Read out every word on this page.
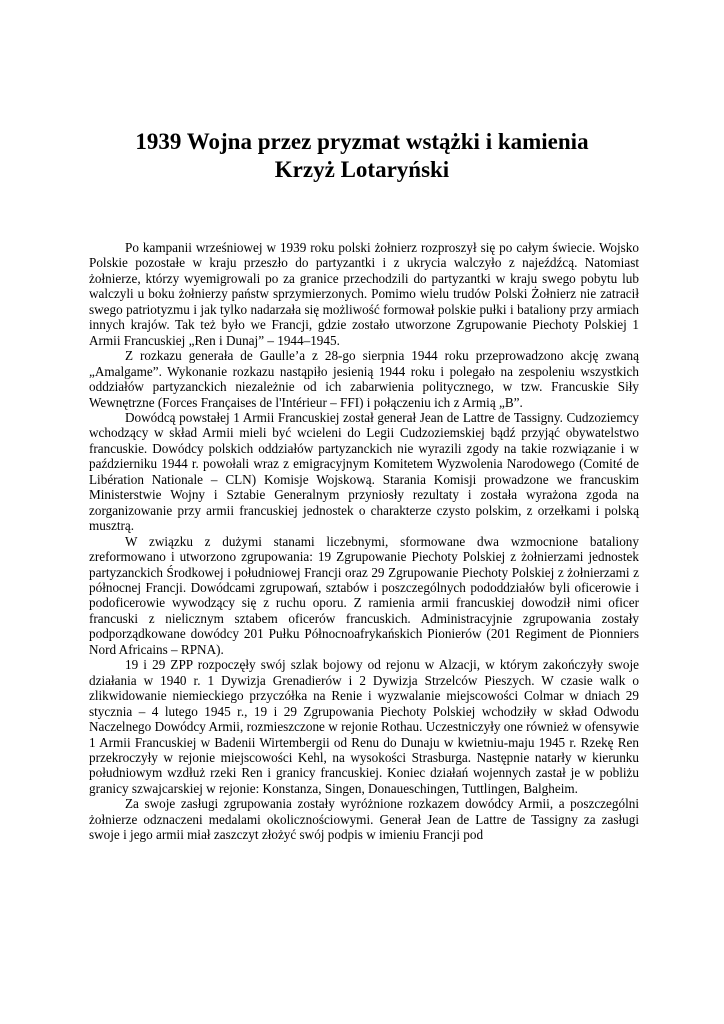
1939 Wojna przez pryzmat wstążki i kamienia
Krzyż Lotaryński

Po kampanii wrześniowej w 1939 roku polski żołnierz rozproszył się po całym świecie. Wojsko Polskie pozostałe w kraju przeszło do partyzantki i z ukrycia walczyło z najeźdźcą. Natomiast żołnierze, którzy wyemigrowali po za granice przechodzili do partyzantki w kraju swego pobytu lub walczyli u boku żołnierzy państw sprzymierzonych. Pomimo wielu trudów Polski Żołnierz nie zatracił swego patriotyzmu i jak tylko nadarzała się możliwość formował polskie pułki i bataliony przy armiach innych krajów. Tak też było we Francji, gdzie zostało utworzone Zgrupowanie Piechoty Polskiej 1 Armii Francuskiej „Ren i Dunaj” – 1944–1945.

Z rozkazu generała de Gaulle’a z 28-go sierpnia 1944 roku przeprowadzono akcję zwaną „Amalgame”. Wykonanie rozkazu nastąpiło jesienią 1944 roku i polegało na zespoleniu wszystkich oddziałów partyzanckich niezależnie od ich zabarwienia politycznego, w tzw. Francuskie Siły Wewnętrzne (Forces Françaises de l'Intérieur – FFI) i połączeniu ich z Armią „B”.

Dowódcą powstałej 1 Armii Francuskiej został generał Jean de Lattre de Tassigny. Cudzoziemcy wchodzący w skład Armii mieli być wcieleni do Legii Cudzoziemskiej bądź przyjąć obywatelstwo francuskie. Dowódcy polskich oddziałów partyzanckich nie wyrazili zgody na takie rozwiązanie i w październiku 1944 r. powołali wraz z emigracyjnym Komitetem Wyzwolenia Narodowego (Comité de Libération Nationale – CLN) Komisje Wojskową. Starania Komisji prowadzone we francuskim Ministerstwie Wojny i Sztabie Generalnym przyniosły rezultaty i została wyrażona zgoda na zorganizowanie przy armii francuskiej jednostek o charakterze czysto polskim, z orzełkami i polską musztrą.

W związku z dużymi stanami liczebnymi, sformowane dwa wzmocnione bataliony zreformowano i utworzono zgrupowania: 19 Zgrupowanie Piechoty Polskiej z żołnierzami jednostek partyzanckich Środkowej i południowej Francji oraz 29 Zgrupowanie Piechoty Polskiej z żołnierzami z północnej Francji. Dowódcami zgrupowań, sztabów i poszczególnych pododdziałów byli oficerowie i podoficerowie wywodzący się z ruchu oporu. Z ramienia armii francuskiej dowodził nimi oficer francuski z nielicznym sztabem oficerów francuskich. Administracyjnie zgrupowania zostały podporządkowane dowódcy 201 Pułku Północnoafrykańskich Pionierów (201 Regiment de Pionniers Nord Africains – RPNA).

19 i 29 ZPP rozpoczęły swój szlak bojowy od rejonu w Alzacji, w którym zakończyły swoje działania w 1940 r. 1 Dywizja Grenadierów i 2 Dywizja Strzelców Pieszych. W czasie walk o zlikwidowanie niemieckiego przyczółka na Renie i wyzwalanie miejscowości Colmar w dniach 29 stycznia – 4 lutego 1945 r., 19 i 29 Zgrupowania Piechoty Polskiej wchodziły w skład Odwodu Naczelnego Dowódcy Armii, rozmieszczone w rejonie Rothau. Uczestniczyły one również w ofensywie 1 Armii Francuskiej w Badenii Wirtembergii od Renu do Dunaju w kwietniu-maju 1945 r. Rzekę Ren przekroczyły w rejonie miejscowości Kehl, na wysokości Strasburga. Następnie natarły w kierunku południowym wzdłuż rzeki Ren i granicy francuskiej. Koniec działań wojennych zastał je w pobliżu granicy szwajcarskiej w rejonie: Konstanza, Singen, Donaueschingen, Tuttlingen, Balgheim.

Za swoje zasługi zgrupowania zostały wyróżnione rozkazem dowódcy Armii, a poszczególni żołnierze odznaczeni medalami okolicznościowymi. Generał Jean de Lattre de Tassigny za zasługi swoje i jego armii miał zaszczyt złożyć swój podpis w imieniu Francji pod
